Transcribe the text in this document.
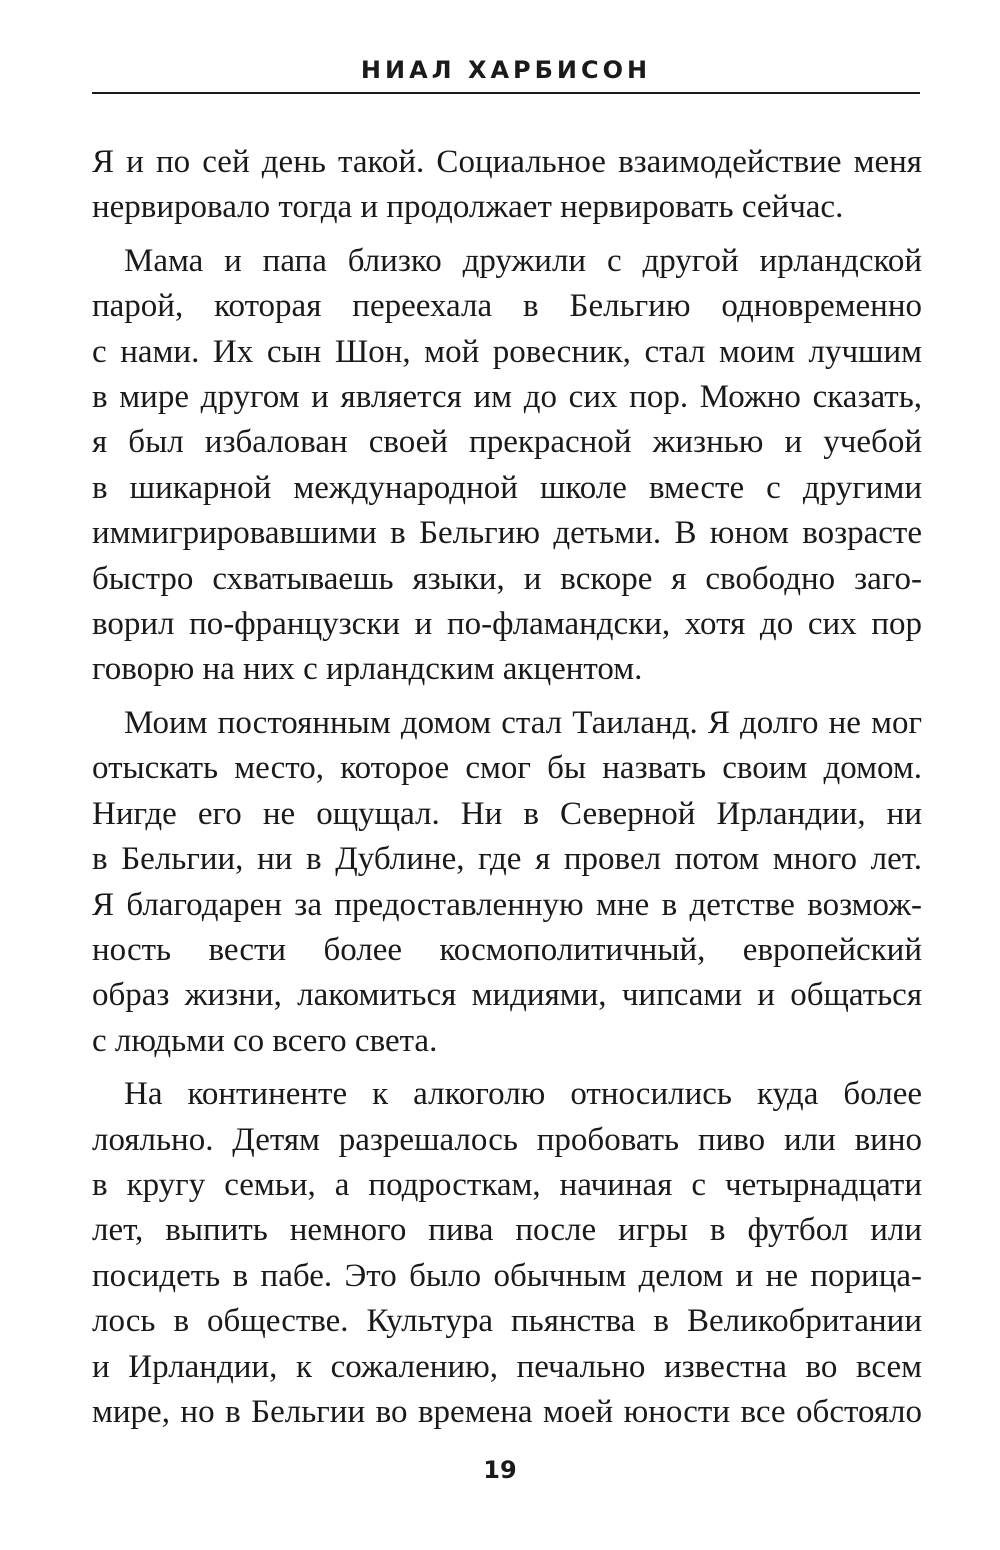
НИАЛ ХАРБИСОН
Я и по сей день такой. Социальное взаимодействие меня
нервировало тогда и продолжает нервировать сейчас.
Мама и папа близко дружили с другой ирландской
парой, которая переехала в Бельгию одновременно
с нами. Их сын Шон, мой ровесник, стал моим лучшим
в мире другом и является им до сих пор. Можно сказать,
я был избалован своей прекрасной жизнью и учебой
в шикарной международной школе вместе с другими
иммигрировавшими в Бельгию детьми. В юном возрасте
быстро схватываешь языки, и вскоре я свободно заго-
ворил по-французски и по-фламандски, хотя до сих пор
говорю на них с ирландским акцентом.
Моим постоянным домом стал Таиланд. Я долго не мог
отыскать место, которое смог бы назвать своим домом.
Нигде его не ощущал. Ни в Северной Ирландии, ни
в Бельгии, ни в Дублине, где я провел потом много лет.
Я благодарен за предоставленную мне в детстве возмож-
ность вести более космополитичный, европейский
образ жизни, лакомиться мидиями, чипсами и общаться
с людьми со всего света.
На континенте к алкоголю относились куда более
лояльно. Детям разрешалось пробовать пиво или вино
в кругу семьи, а подросткам, начиная с четырнадцати
лет, выпить немного пива после игры в футбол или
посидеть в пабе. Это было обычным делом и не порица-
лось в обществе. Культура пьянства в Великобритании
и Ирландии, к сожалению, печально известна во всем
мире, но в Бельгии во времена моей юности все обстояло
19
